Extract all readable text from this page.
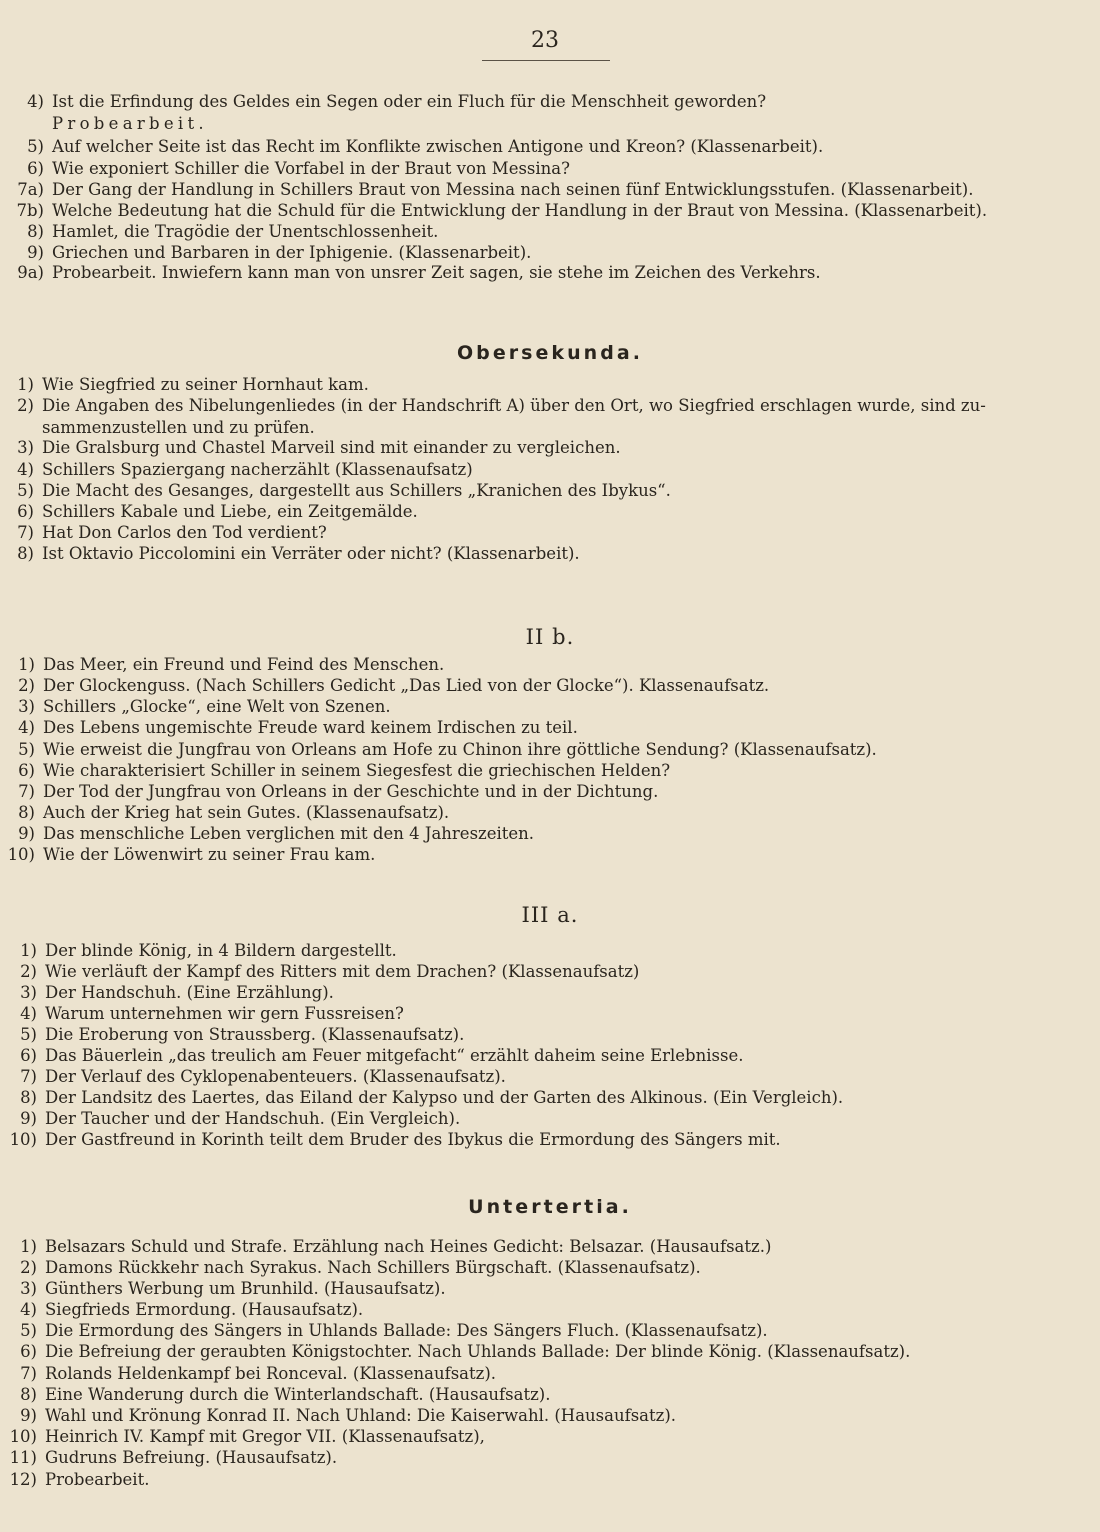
23
4) Ist die Erfindung des Geldes ein Segen oder ein Fluch für die Menschheit geworden?
Probearbeit.
5) Auf welcher Seite ist das Recht im Konflikte zwischen Antigone und Kreon? (Klassenarbeit).
6) Wie exponiert Schiller die Vorfabel in der Braut von Messina?
7a) Der Gang der Handlung in Schillers Braut von Messina nach seinen fünf Entwicklungsstufen. (Klassenarbeit).
7b) Welche Bedeutung hat die Schuld für die Entwicklung der Handlung in der Braut von Messina. (Klassenarbeit).
8) Hamlet, die Tragödie der Unentschlossenheit.
9) Griechen und Barbaren in der Iphigenie. (Klassenarbeit).
9a) Probearbeit. Inwiefern kann man von unsrer Zeit sagen, sie stehe im Zeichen des Verkehrs.
Obersekunda.
1) Wie Siegfried zu seiner Hornhaut kam.
2) Die Angaben des Nibelungenliedes (in der Handschrift A) über den Ort, wo Siegfried erschlagen wurde, sind zu-
sammenzustellen und zu prüfen.
3) Die Gralsburg und Chastel Marveil sind mit einander zu vergleichen.
4) Schillers Spaziergang nacherzählt (Klassenaufsatz)
5) Die Macht des Gesanges, dargestellt aus Schillers „Kranichen des Ibykus“.
6) Schillers Kabale und Liebe, ein Zeitgemälde.
7) Hat Don Carlos den Tod verdient?
8) Ist Oktavio Piccolomini ein Verräter oder nicht? (Klassenarbeit).
II b.
1) Das Meer, ein Freund und Feind des Menschen.
2) Der Glockenguss. (Nach Schillers Gedicht „Das Lied von der Glocke“). Klassenaufsatz.
3) Schillers „Glocke“, eine Welt von Szenen.
4) Des Lebens ungemischte Freude ward keinem Irdischen zu teil.
5) Wie erweist die Jungfrau von Orleans am Hofe zu Chinon ihre göttliche Sendung? (Klassenaufsatz).
6) Wie charakterisiert Schiller in seinem Siegesfest die griechischen Helden?
7) Der Tod der Jungfrau von Orleans in der Geschichte und in der Dichtung.
8) Auch der Krieg hat sein Gutes. (Klassenaufsatz).
9) Das menschliche Leben verglichen mit den 4 Jahreszeiten.
10) Wie der Löwenwirt zu seiner Frau kam.
III a.
1) Der blinde König, in 4 Bildern dargestellt.
2) Wie verläuft der Kampf des Ritters mit dem Drachen? (Klassenaufsatz)
3) Der Handschuh. (Eine Erzählung).
4) Warum unternehmen wir gern Fussreisen?
5) Die Eroberung von Straussberg. (Klassenaufsatz).
6) Das Bäuerlein „das treulich am Feuer mitgefacht“ erzählt daheim seine Erlebnisse.
7) Der Verlauf des Cyklopenabenteuers. (Klassenaufsatz).
8) Der Landsitz des Laertes, das Eiland der Kalypso und der Garten des Alkinous. (Ein Vergleich).
9) Der Taucher und der Handschuh. (Ein Vergleich).
10) Der Gastfreund in Korinth teilt dem Bruder des Ibykus die Ermordung des Sängers mit.
Untertertia.
1) Belsazars Schuld und Strafe. Erzählung nach Heines Gedicht: Belsazar. (Hausaufsatz.)
2) Damons Rückkehr nach Syrakus. Nach Schillers Bürgschaft. (Klassenaufsatz).
3) Günthers Werbung um Brunhild. (Hausaufsatz).
4) Siegfrieds Ermordung. (Hausaufsatz).
5) Die Ermordung des Sängers in Uhlands Ballade: Des Sängers Fluch. (Klassenaufsatz).
6) Die Befreiung der geraubten Königstochter. Nach Uhlands Ballade: Der blinde König. (Klassenaufsatz).
7) Rolands Heldenkampf bei Ronceval. (Klassenaufsatz).
8) Eine Wanderung durch die Winterlandschaft. (Hausaufsatz).
9) Wahl und Krönung Konrad II. Nach Uhland: Die Kaiserwahl. (Hausaufsatz).
10) Heinrich IV. Kampf mit Gregor VII. (Klassenaufsatz),
11) Gudruns Befreiung. (Hausaufsatz).
12) Probearbeit.
